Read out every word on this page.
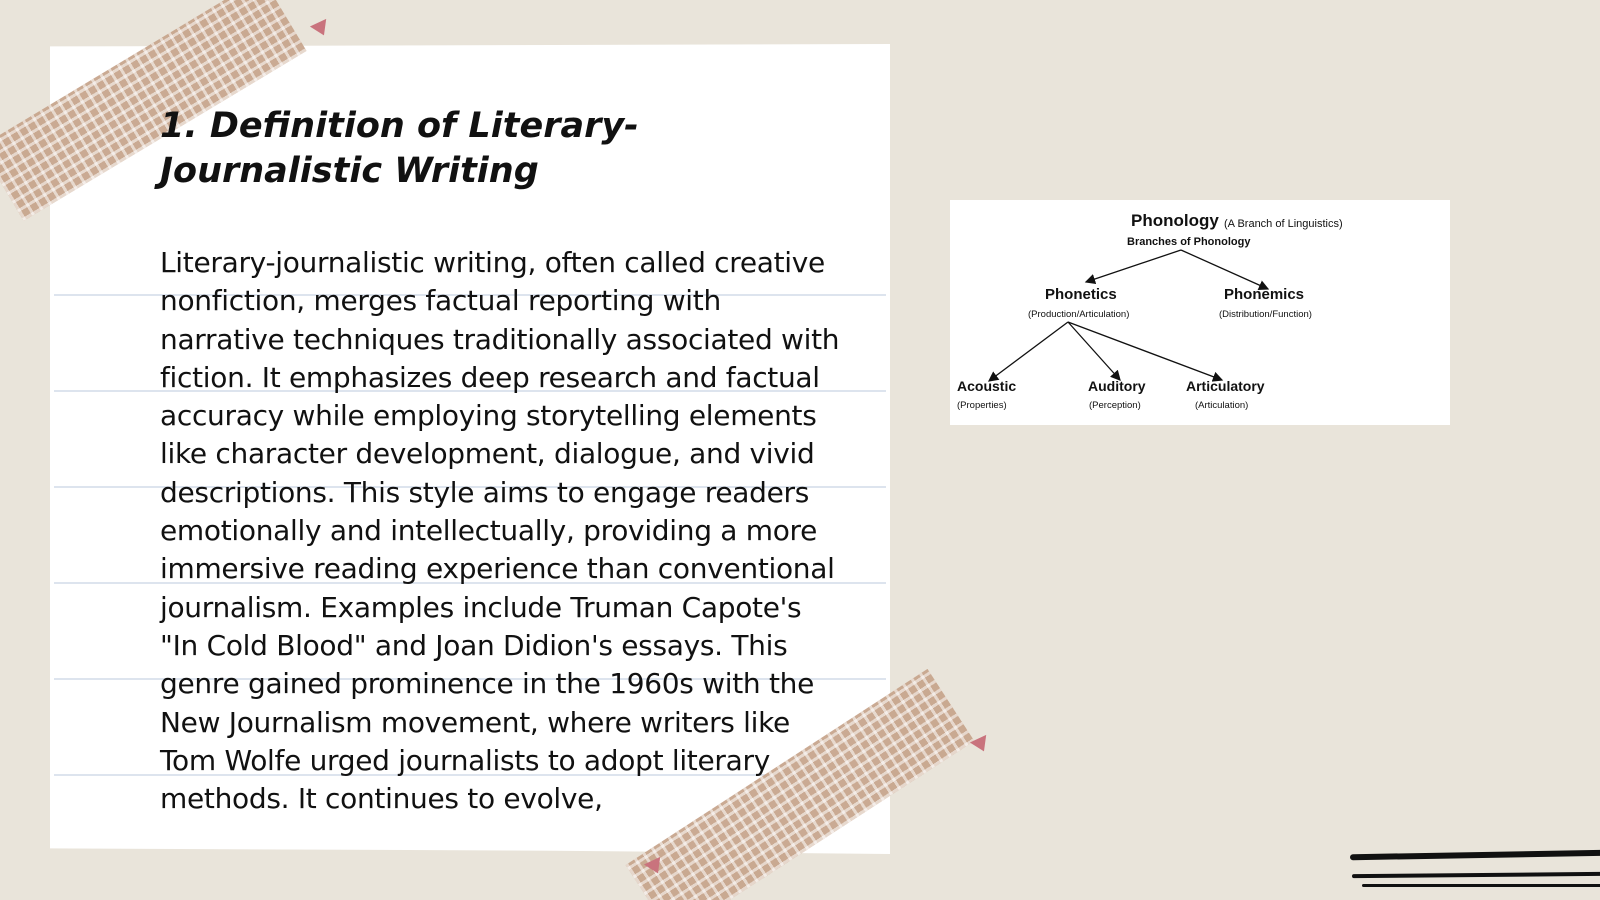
1. Definition of Literary-Journalistic Writing

Literary-journalistic writing, often called creative nonfiction, merges factual reporting with narrative techniques traditionally associated with fiction. It emphasizes deep research and factual accuracy while employing storytelling elements like character development, dialogue, and vivid descriptions. This style aims to engage readers emotionally and intellectually, providing a more immersive reading experience than conventional journalism. Examples include Truman Capote's "In Cold Blood" and Joan Didion's essays. This genre gained prominence in the 1960s with the New Journalism movement, where writers like Tom Wolfe urged journalists to adopt literary methods. It continues to evolve,

Phonology (A Branch of Linguistics)
Branches of Phonology
Phonetics
(Production/Articulation)
Phonemics
(Distribution/Function)
Acoustic
(Properties)
Auditory
(Perception)
Articulatory
(Articulation)
